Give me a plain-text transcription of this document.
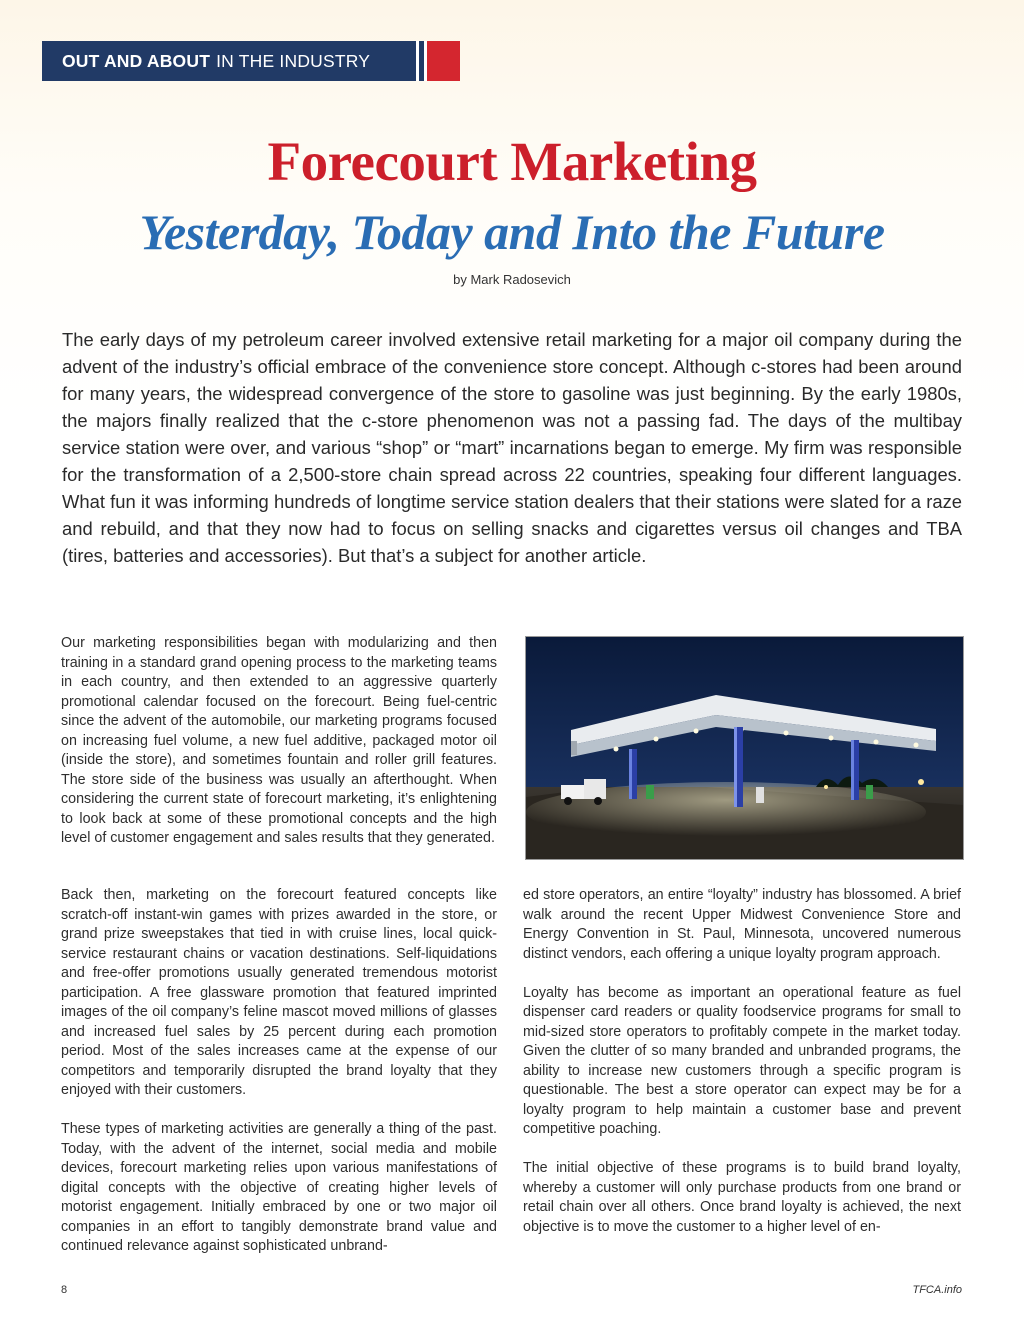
OUT AND ABOUT IN THE INDUSTRY
Forecourt Marketing
Yesterday, Today and Into the Future
by Mark Radosevich

The early days of my petroleum career involved extensive retail marketing for a major oil company during the advent of the industry’s official embrace of the convenience store concept. Although c-stores had been around for many years, the widespread convergence of the store to gasoline was just beginning. By the early 1980s, the majors finally realized that the c-store phenomenon was not a passing fad. The days of the multibay service station were over, and various “shop” or “mart” incarnations began to emerge. My firm was responsible for the transformation of a 2,500-store chain spread across 22 countries, speaking four different languages. What fun it was informing hundreds of longtime service station dealers that their stations were slated for a raze and rebuild, and that they now had to focus on selling snacks and cigarettes versus oil changes and TBA (tires, batteries and accessories). But that’s a subject for another article.

Our marketing responsibilities began with modularizing and then training in a standard grand opening process to the marketing teams in each country, and then extended to an aggressive quarterly promotional calendar focused on the forecourt. Being fuel-centric since the advent of the automobile, our marketing programs focused on increasing fuel volume, a new fuel additive, packaged motor oil (inside the store), and sometimes fountain and roller grill features. The store side of the business was usually an afterthought. When considering the current state of forecourt marketing, it’s enlightening to look back at some of these promotional concepts and the high level of customer engagement and sales results that they generated.

Back then, marketing on the forecourt featured concepts like scratch-off instant-win games with prizes awarded in the store, or grand prize sweepstakes that tied in with cruise lines, local quick-service restaurant chains or vacation destinations. Self-liquidations and free-offer promotions usually generated tremendous motorist participation. A free glassware promotion that featured imprinted images of the oil company’s feline mascot moved millions of glasses and increased fuel sales by 25 percent during each promotion period. Most of the sales increases came at the expense of our competitors and temporarily disrupted the brand loyalty that they enjoyed with their customers.

These types of marketing activities are generally a thing of the past. Today, with the advent of the internet, social media and mobile devices, forecourt marketing relies upon various manifestations of digital concepts with the objective of creating higher levels of motorist engagement. Initially embraced by one or two major oil companies in an effort to tangibly demonstrate brand value and continued relevance against sophisticated unbrand-

ed store operators, an entire “loyalty” industry has blossomed. A brief walk around the recent Upper Midwest Convenience Store and Energy Convention in St. Paul, Minnesota, uncovered numerous distinct vendors, each offering a unique loyalty program approach.

Loyalty has become as important an operational feature as fuel dispenser card readers or quality foodservice programs for small to mid-sized store operators to profitably compete in the market today. Given the clutter of so many branded and unbranded programs, the ability to increase new customers through a specific program is questionable. The best a store operator can expect may be for a loyalty program to help maintain a customer base and prevent competitive poaching.

The initial objective of these programs is to build brand loyalty, whereby a customer will only purchase products from one brand or retail chain over all others. Once brand loyalty is achieved, the next objective is to move the customer to a higher level of en-

8	TFCA.info
